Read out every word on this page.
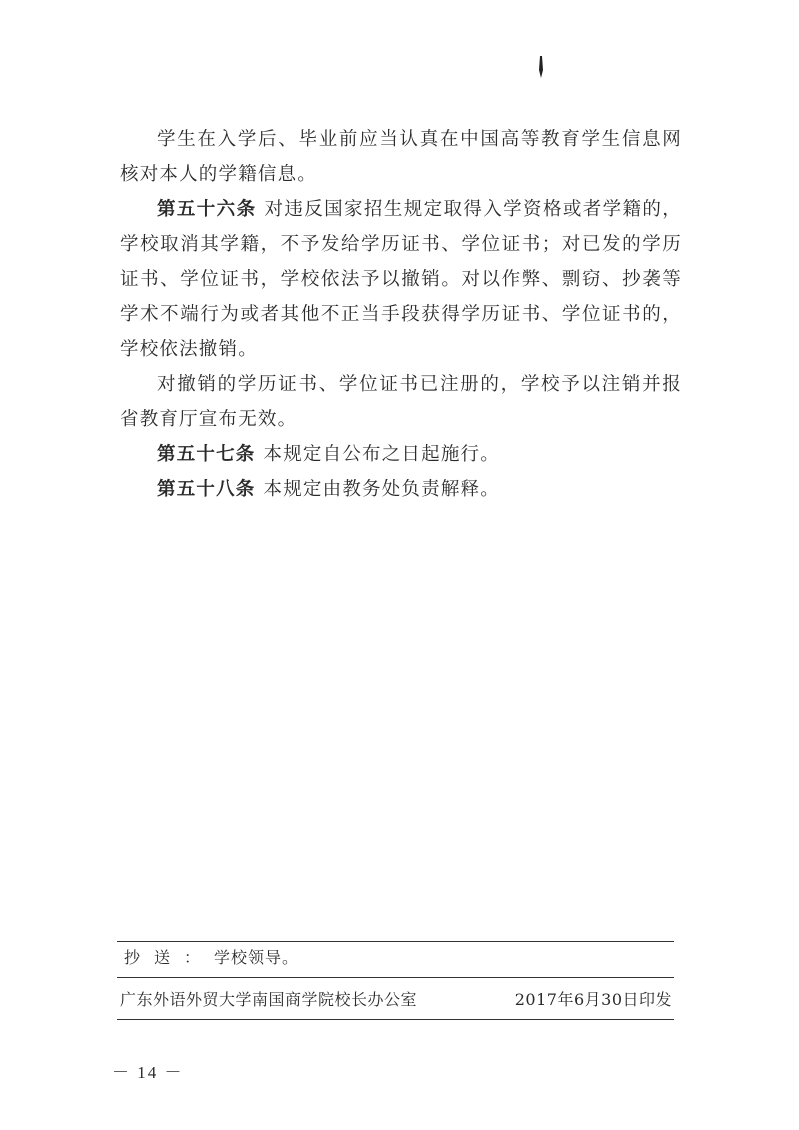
学生在入学后、毕业前应当认真在中国高等教育学生信息网核对本人的学籍信息。

第五十六条 对违反国家招生规定取得入学资格或者学籍的，学校取消其学籍，不予发给学历证书、学位证书；对已发的学历证书、学位证书，学校依法予以撤销。对以作弊、剽窃、抄袭等学术不端行为或者其他不正当手段获得学历证书、学位证书的，学校依法撤销。

对撤销的学历证书、学位证书已注册的，学校予以注销并报省教育厅宣布无效。

第五十七条 本规定自公布之日起施行。

第五十八条 本规定由教务处负责解释。

抄送：学校领导。
广东外语外贸大学南国商学院校长办公室	2017年6月30日印发
－ 14 －
